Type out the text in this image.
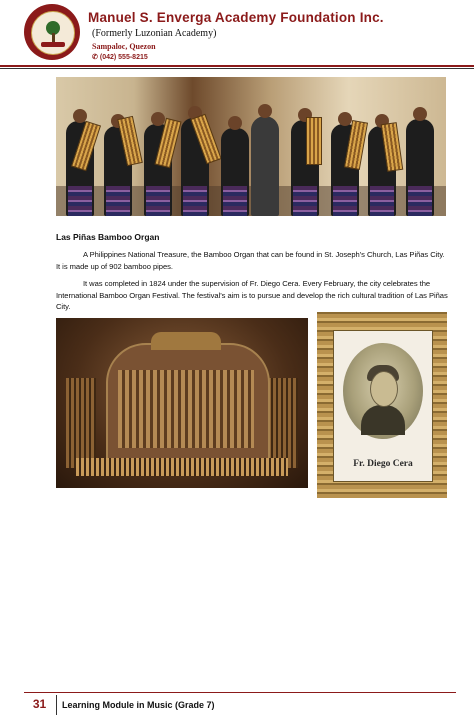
Manuel S. Enverga Academy Foundation Inc.
(Formerly Luzonian Academy)
Sampaloc, Quezon
✆ (042) 555-8215
Las Piñas Bamboo Organ
A Philippines National Treasure, the Bamboo Organ that can be found in St. Joseph’s Church, Las Piñas City. It is made up of 902 bamboo pipes.
It was completed in 1824 under the supervision of Fr. Diego Cera. Every February, the city celebrates the International Bamboo Organ Festival. The festival’s aim is to pursue and develop the rich cultural tradition of Las Piñas City.
Fr. Diego Cera
31	Learning Module in Music (Grade 7)
